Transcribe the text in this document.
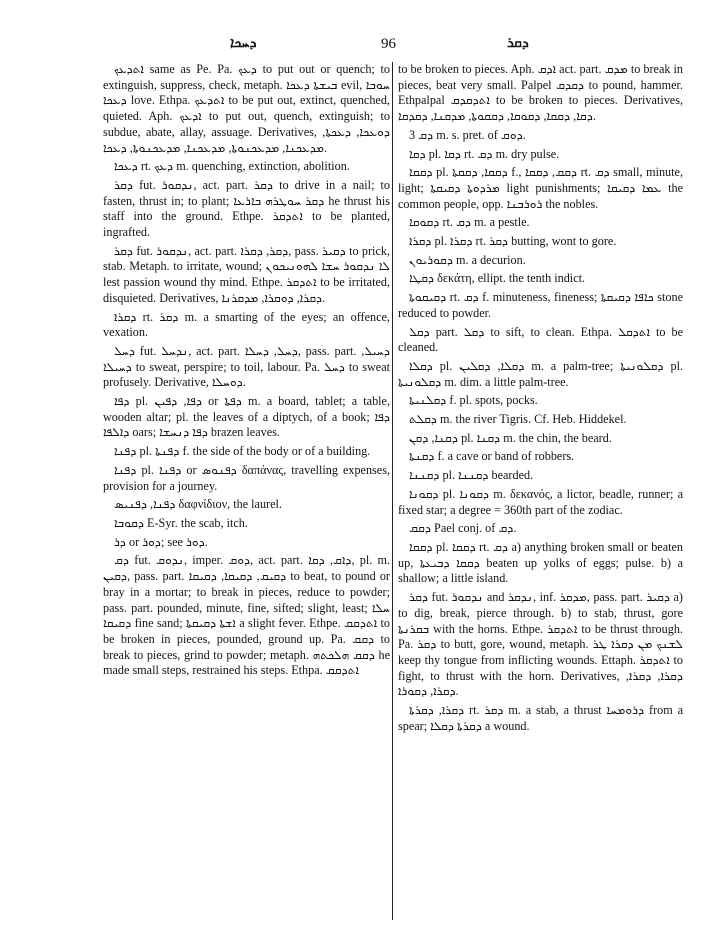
ܕܚܟܐ	96	ܕܩܪ

ܐܬܕܥܟ same as Pe. Pa. ܕܥܟ to put out or quench; to extinguish, suppress, check, metaph. ܒܝܫܬܐ ܕܥܟܐ evil, ܚܘܒܐ ܕܥܟܐ love. Ethpa. ܐܬܕܥܟ to be put out, extinct, quenched, quieted. Aph. ܐܕܥܟ to put out, quench, extinguish; to subdue, abate, allay, assuage. Derivatives, ܕܘܥܟܐ, ܕܥܟܬܐ, ܡܕܥܟܢܐ, ܡܕܥܟܢܘܬܐ, ܡܕܥܟܢܐ, ܡܕܥܟܢܘܬܐ, ܕܥܟܐ.

ܕܥܟܐ rt. ܕܥܟ m. quenching, extinction, abolition.

ܕܩܪ fut. ܢܕܩܘܪ, act. part. ܕܩܪ to drive in a nail; to fasten, thrust in; to plant; ܕܩܪ ܚܘܛܪܗ ܒܐܪܥܐ he thrust his staff into the ground. Ethpe. ܐܬܕܩܪ to be planted, ingrafted.

ܕܩܪ fut. ܢܕܩܘܪ, act. part. ܕܩܪ, ܕܩܪܐ, pass. ܕܩܝܪ to prick, stab. Metaph. to irritate, wound; ܠܐ ܢܕܩܘܪ ܚܫܐ ܠܗܘܢܝܟܘܢ lest passion wound thy mind. Ethpe. ܐܬܕܩܪ to be irritated, disquieted. Derivatives, ܕܩܪܐ, ܕܘܩܪܐ, ܡܕܩܪܢܐ.

ܕܩܪܐ rt. ܕܩܪ m. a smarting of the eyes; an offence, vexation.

ܕܚܠ fut. ܢܕܚܠ, act. part. ܕܚܠ, ܕܚܠܐ, pass. part. ܕܚܝܠ, ܕܚܝܠܐ to sweat, perspire; to toil, labour. Pa. ܕܚܠ to sweat profusely. Derivative, ܕܘܚܠܐ.

ܕܦܐ pl. ܕܦܐ, ܕܦܝܢ or ܕܦܬܐ m. a board, tablet; a table, wooden altar; pl. the leaves of a diptych, of a book; ܕܦܐ ܕܐܠܦܐ oars; ܕܦܐ ܕܢܚܫܐ brazen leaves.

ܕܦܢܐ pl. ܕܦܢܬܐ f. the side of the body or of a building.

ܕܦܢܐ pl. ܕܦܢܐ or ܕܦܢܘܣ δαπάνας, travelling expenses, provision for a journey.

ܕܦܢܐ, ܕܦܢܝܣ δαφνίδιον, the laurel.

ܕܩܘܒܐ E-Syr. the scab, itch.

ܕܪ or ܕܘܪ; see ܕܘܪ.

ܕܩ fut. ܢܕܘܩ, imper. ܕܘܩ, act. part. ܕܐܩ, ܕܩܐ, pl. m. ܕܩܝܢ, pass. part. ܕܩܝܩ, ܕܩܝܩܐ, ܕܩܝܩܐ to beat, to pound or bray in a mortar; to break in pieces, reduce to powder; pass. part. pounded, minute, fine, sifted; slight, least; ܚܠܐ ܕܩܝܩܐ fine sand; ܐܫܬܐ ܕܩܝܩܬܐ a slight fever. Ethpe. ܐܬܕܩܩ to be broken in pieces, pounded, ground up. Pa. ܕܩܩ to break to pieces, grind to powder; metaph. ܕܩܩ ܗܠܟܬܗ he made small steps, restrained his steps. Ethpa. ܐܬܕܩܩ

to be broken to pieces. Aph. ܐܕܩ act. part. ܡܕܩ to break in pieces, beat very small. Palpel ܕܩܕܩ to pound, hammer. Ethpalpal ܐܬܕܩܕܩ to be broken to pieces. Derivatives, ܕܩܐ, ܕܩܩܐ, ܕܩܘܩܐ, ܕܩܩܘܬܐ, ܡܕܩܢܐ, ܕܩܕܩܐ.

ܕܩ 3 m. s. pret. of ܕܘܩ.

ܕܩܐ pl. ܕܩܐ rt. ܕܩ m. dry pulse.

ܕܩܩܐ pl. ܕܩܩܐ, ܕܩܩܬܐ f., ܕܩܩ, ܕܩܩܐ rt. ܕܩ small, minute, light; ܡܪܕܘܬܐ ܕܩܝܩܬܐ light punishments; ܥܡܐ ܕܩܝܩܐ the common people, opp. ܪܘܪܒܢܐ the nobles.

ܕܩܘܩܐ rt. ܕܩ m. a pestle.

ܕܩܪܐ pl. ܕܩܪܐ rt. ܕܩܪ butting, wont to gore.

ܕܩܘܪܝܘܢ m. a decurion.

ܕܩܛܐ δεκάτη, ellipt. the tenth indict.

ܕܩܝܩܘܬܐ rt. ܕܩ f. minuteness, fineness; ܟܐܦܐ ܕܩܝܩܬܐ stone reduced to powder.

ܕܩܠ part. ܕܩܠ to sift, to clean. Ethpa. ܐܬܕܩܠ to be cleaned.

ܕܩܠܐ pl. ܕܩܠܐ, ܕܩܠܝܢ m. a palm-tree; ܕܩܠܘܢܝܬܐ pl. ܕܩܠܘܢܝܬܐ m. dim. a little palm-tree.

ܕܩܠܢܝܬܐ f. pl. spots, pocks.

ܕܩܠܬ m. the river Tigris. Cf. Heb. Hiddekel.

ܕܩܢܐ, ܕܩܢ pl. ܕܩܢܐ m. the chin, the beard.

ܕܩܢܬܐ f. a cave or band of robbers.

ܕܩܢܢܐ pl. ܕܩܢܢܐ bearded.

ܕܩܘܢܐ pl. ܕܩܘܢܐ m. δεκανός, a lictor, beadle, runner; a fixed star; a degree = 360th part of the zodiac.

ܕܩܩ Pael conj. of ܕܩ.

ܕܩܩܐ pl. ܕܩܩܐ rt. ܕܩ a) anything broken small or beaten up, ܕܩܩܐ ܕܒܝܥܬܐ beaten up yolks of eggs; pulse. b) a shallow; a little island.

ܕܩܪ fut. ܢܕܩܘܪ and ܢܕܩܪ, inf. ܡܕܩܪ, pass. part. ܕܩܝܪ a) to dig, break, pierce through. b) to stab, thrust, gore ܒܩܪܢܬܐ with the horns. Ethpe. ܐܬܕܩܪ to be thrust through. Pa. ܕܩܪ to butt, gore, wound, metaph. ܠܫܢܟ ܡܢ ܕܩܪܐ ܛܪ keep thy tongue from inflicting wounds. Ettaph. ܐܬܕܩܪ to fight, to thrust with the horn. Derivatives, ܕܩܪܐ, ܕܩܪܐ, ܕܩܪܐ, ܕܩܘܪܐ.

ܕܩܪܐ, ܕܩܪܬܐ rt. ܕܩܪ m. a stab, a thrust ܕܪܘܡܚܐ from a spear; ܕܩܪܬܐ ܕܩܠܐ a wound.
